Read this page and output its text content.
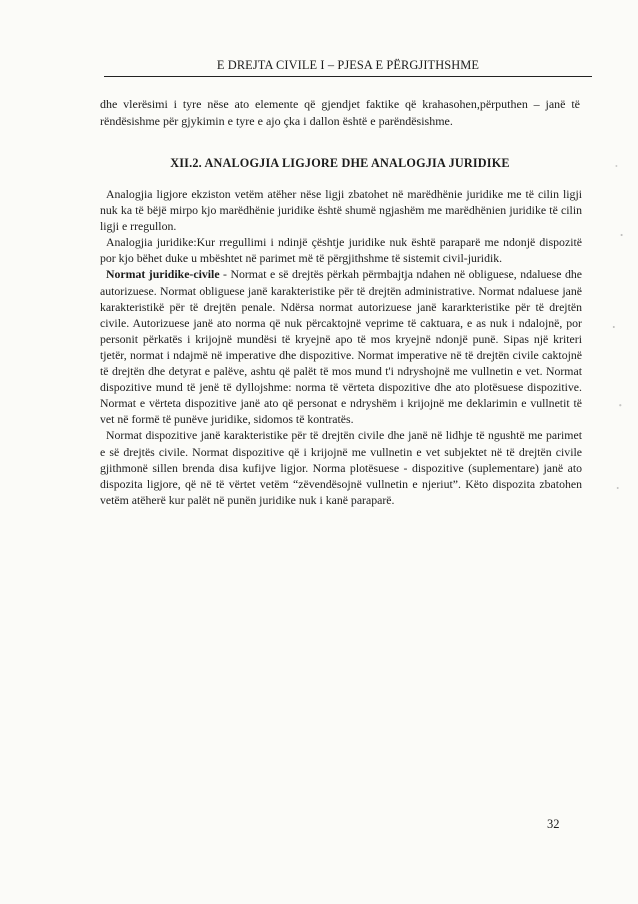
E DREJTA CIVILE I – PJESA E PËRGJITHSHME
dhe vlerësimi i tyre nëse ato elemente që gjendjet faktike që krahasohen,përputhen – janë të rëndësishme për gjykimin e tyre e ajo çka i dallon është e parëndësishme.
XII.2. ANALOGJIA LIGJORE DHE ANALOGJIA JURIDIKE

Analogjia ligjore ekziston vetëm atëher nëse ligji zbatohet në marëdhënie juridike me të cilin ligji nuk ka të bëjë mirpo kjo marëdhënie juridike është shumë ngjashëm me marëdhënien juridike të cilin ligji e rregullon.

Analogjia juridike:Kur rregullimi i ndinjë çështje juridike nuk është paraparë me ndonjë dispozitë por kjo bëhet duke u mbështet në parimet më të përgjithshme të sistemit civil-juridik.

Normat juridike-civile - Normat e së drejtës përkah përmbajtja ndahen në obliguese, ndaluese dhe autorizuese. Normat obliguese janë karakteristike për të drejtën administrative. Normat ndaluese janë karakteristikë për të drejtën penale. Ndërsa normat autorizuese janë kararkteristike për të drejtën civile. Autorizuese janë ato norma që nuk përcaktojnë veprime të caktuara, e as nuk i ndalojnë, por personit përkatës i krijojnë mundësi të kryejnë apo të mos kryejnë ndonjë punë. Sipas një kriteri tjetër, normat i ndajmë në imperative dhe dispozitive. Normat imperative në të drejtën civile caktojnë të drejtën dhe detyrat e palëve, ashtu që palët të mos mund t'i ndryshojnë me vullnetin e vet. Normat dispozitive mund të jenë të dyllojshme: norma të vërteta dispozitive dhe ato plotësuese dispozitive. Normat e vërteta dispozitive janë ato që personat e ndryshëm i krijojnë me deklarimin e vullnetit të vet në formë të punëve juridike, sidomos të kontratës.

Normat dispozitive janë karakteristike për të drejtën civile dhe janë në lidhje të ngushtë me parimet e së drejtës civile. Normat dispozitive që i krijojnë me vullnetin e vet subjektet në të drejtën civile gjithmonë sillen brenda disa kufijve ligjor. Norma plotësuese - dispozitive (suplementare) janë ato dispozita ligjore, që në të vërtet vetëm “zëvendësojnë vullnetin e njeriut”. Këto dispozita zbatohen vetëm atëherë kur palët në punën juridike nuk i kanë paraparë.

32
